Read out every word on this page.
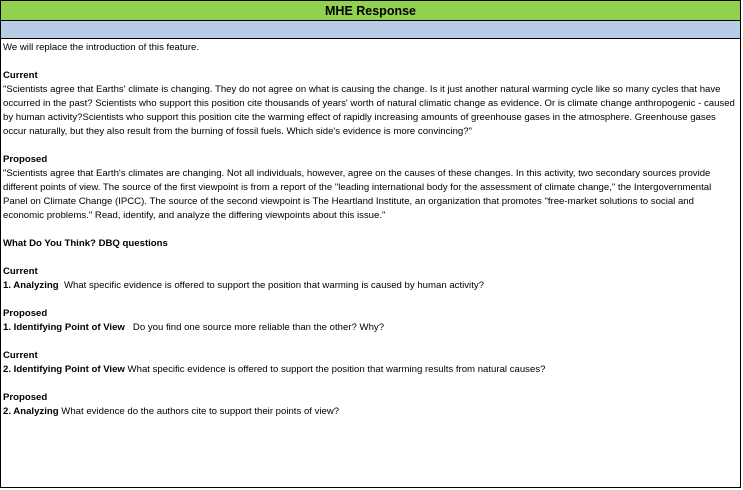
MHE Response

We will replace the introduction of this feature.

Current

"Scientists agree that Earths' climate is changing. They do not agree on what is causing the change. Is it just another natural warming cycle like so many cycles that have occurred in the past? Scientists who support this position cite thousands of years' worth of natural climatic change as evidence. Or is climate change anthropogenic - caused by human activity?Scientists who support this position cite the warming effect of rapidly increasing amounts of greenhouse gases in the atmosphere. Greenhouse gases occur naturally, but they also result from the burning of fossil fuels. Which side's evidence is more convincing?"

Proposed

"Scientists agree that Earth's climates are changing. Not all individuals, however, agree on the causes of these changes. In this activity, two secondary sources provide different points of view. The source of the first viewpoint is from a report of the "leading international body for the assessment of climate change," the Intergovernmental Panel on Climate Change (IPCC). The source of the second viewpoint is The Heartland Institute, an organization that promotes "free-market solutions to social and economic problems." Read, identify, and analyze the differing viewpoints about this issue."

What Do You Think? DBQ questions

Current

1. Analyzing  What specific evidence is offered to support the position that warming is caused by human activity?

Proposed

1. Identifying Point of View   Do you find one source more reliable than the other? Why?

Current

2. Identifying Point of View What specific evidence is offered to support the position that warming results from natural causes?

Proposed

2. Analyzing What evidence do the authors cite to support their points of view?
